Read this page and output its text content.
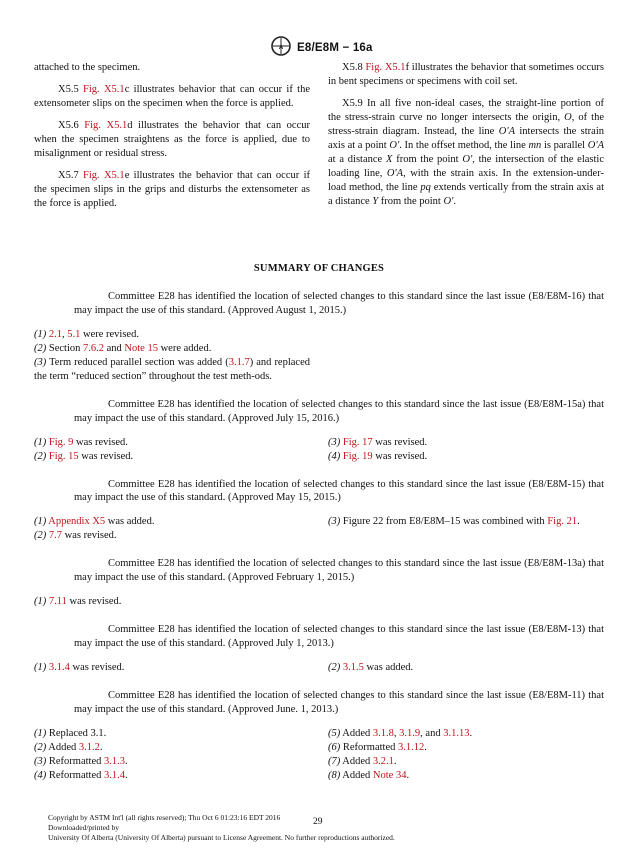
A E8/E8M − 16a

attached to the specimen.

X5.5 Fig. X5.1c illustrates behavior that can occur if the extensometer slips on the specimen when the force is applied.

X5.6 Fig. X5.1d illustrates the behavior that can occur when the specimen straightens as the force is applied, due to misalignment or residual stress.

X5.7 Fig. X5.1e illustrates the behavior that can occur if the specimen slips in the grips and disturbs the extensometer as the force is applied.

X5.8 Fig. X5.1f illustrates the behavior that sometimes occurs in bent specimens or specimens with coil set.

X5.9 In all five non-ideal cases, the straight-line portion of the stress-strain curve no longer intersects the origin, O, of the stress-strain diagram. Instead, the line O'A intersects the strain axis at a point O'. In the offset method, the line mn is parallel O'A at a distance X from the point O', the intersection of the elastic loading line, O'A, with the strain axis. In the extension-under-load method, the line pq extends vertically from the strain axis at a distance Y from the point O'.

SUMMARY OF CHANGES

Committee E28 has identified the location of selected changes to this standard since the last issue (E8/E8M-16) that may impact the use of this standard. (Approved August 1, 2015.)

(1) 2.1, 5.1 were revised.

(2) Section 7.6.2 and Note 15 were added.

(3) Term reduced parallel section was added (3.1.7) and replaced the term “reduced section” throughout the test meth-ods.

Committee E28 has identified the location of selected changes to this standard since the last issue (E8/E8M-15a) that may impact the use of this standard. (Approved July 15, 2016.)

(1) Fig. 9 was revised.

(2) Fig. 15 was revised.

(3) Fig. 17 was revised.

(4) Fig. 19 was revised.

Committee E28 has identified the location of selected changes to this standard since the last issue (E8/E8M-15) that may impact the use of this standard. (Approved May 15, 2015.)

(1) Appendix X5 was added.

(2) 7.7 was revised.

(3) Figure 22 from E8/E8M–15 was combined with Fig. 21.

Committee E28 has identified the location of selected changes to this standard since the last issue (E8/E8M-13a) that may impact the use of this standard. (Approved February 1, 2015.)

(1) 7.11 was revised.

Committee E28 has identified the location of selected changes to this standard since the last issue (E8/E8M-13) that may impact the use of this standard. (Approved July 1, 2013.)

(1) 3.1.4 was revised.	(2) 3.1.5 was added.

Committee E28 has identified the location of selected changes to this standard since the last issue (E8/E8M-11) that may impact the use of this standard. (Approved June. 1, 2013.)

(1) Replaced 3.1.

(2) Added 3.1.2.

(3) Reformatted 3.1.3.

(4) Reformatted 3.1.4.

(5) Added 3.1.8, 3.1.9, and 3.1.13.

(6) Reformatted 3.1.12.

(7) Added 3.2.1.

(8) Added Note 34.

Copyright by ASTM Int'l (all rights reserved); Thu Oct 6 01:23:16 EDT 2016
Downloaded/printed by
University Of Alberta (University Of Alberta) pursuant to License Agreement. No further reproductions authorized.
29
